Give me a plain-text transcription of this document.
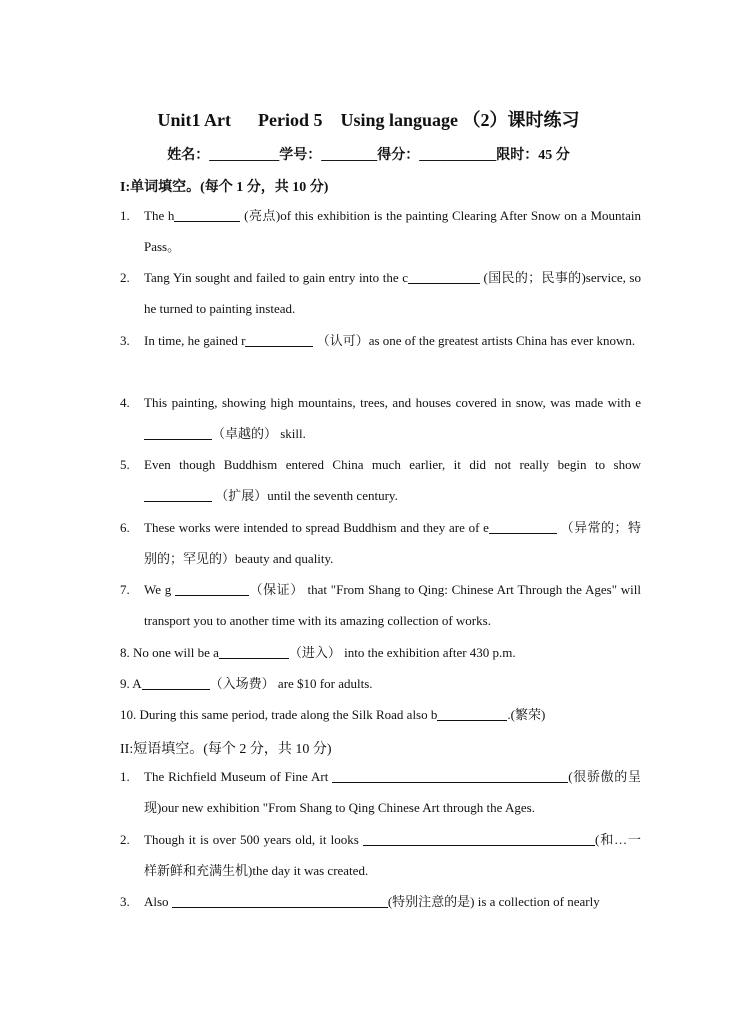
Unit1 Art      Period 5    Using language （2）课时练习
姓名：__________学号：________得分：___________限时：45 分
I:单词填空。(每个 1 分，共 10 分)
1. The h	(亮点)of this exhibition is the painting Clearing After Snow on a Mountain Pass。
2. Tang Yin sought and failed to gain entry into the c	(国民的；民事的)service, so he turned to painting instead.
3. In time, he gained r	（认可）as one of the greatest artists China has ever known.
4. This painting, showing high mountains, trees, and houses covered in snow, was made with e（卓越的） skill.
5. Even though Buddhism entered China much earlier, it did not really begin to show  （扩展）until the seventh century.
6. These works were intended to spread Buddhism and they are of e	（异常的；特别的；罕见的）beauty and quality.
7. We g	（保证） that "From Shang to Qing: Chinese Art Through the Ages" will transport you to another time with its amazing collection of works.
8. No one will be a	（进入） into the exhibition after 430 p.m.
9. A	（入场费） are $10 for adults.
10. During this same period, trade along the Silk Road also b	.(繁荣)
II:短语填空。(每个 2 分，共 10 分)
1. The Richfield Museum of Fine Art	(很骄傲的呈现)our new exhibition "From Shang to Qing Chinese Art through the Ages.
2. Though it is over 500 years old, it looks	(和…一样新鲜和充满生机)the day it was created.
3. Also	(特别注意的是) is a collection of nearly
